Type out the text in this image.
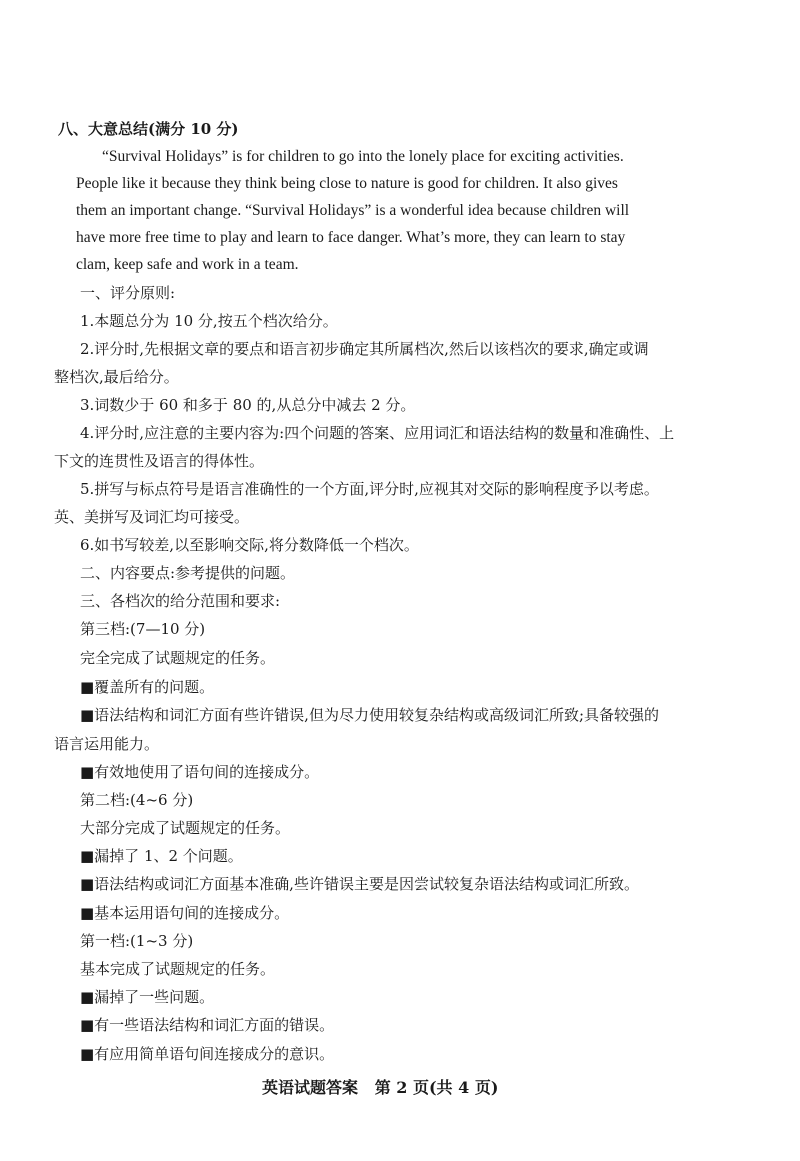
八、大意总结(满分 10 分)
“Survival Holidays” is for children to go into the lonely place for exciting activities.
People like it because they think being close to nature is good for children. It also gives
them an important change. “Survival Holidays” is a wonderful idea because children will
have more free time to play and learn to face danger. What’s more, they can learn to stay
clam, keep safe and work in a team.
一、评分原则:
1.本题总分为 10 分,按五个档次给分。
2.评分时,先根据文章的要点和语言初步确定其所属档次,然后以该档次的要求,确定或调
整档次,最后给分。
3.词数少于 60 和多于 80 的,从总分中减去 2 分。
4.评分时,应注意的主要内容为:四个问题的答案、应用词汇和语法结构的数量和准确性、上
下文的连贯性及语言的得体性。
5.拼写与标点符号是语言准确性的一个方面,评分时,应视其对交际的影响程度予以考虑。
英、美拼写及词汇均可接受。
6.如书写较差,以至影响交际,将分数降低一个档次。
二、内容要点:参考提供的问题。
三、各档次的给分范围和要求:
第三档:(7—10 分)
完全完成了试题规定的任务。
■覆盖所有的问题。
■语法结构和词汇方面有些许错误,但为尽力使用较复杂结构或高级词汇所致;具备较强的
语言运用能力。
■有效地使用了语句间的连接成分。
第二档:(4~6 分)
大部分完成了试题规定的任务。
■漏掉了 1、2 个问题。
■语法结构或词汇方面基本准确,些许错误主要是因尝试较复杂语法结构或词汇所致。
■基本运用语句间的连接成分。
第一档:(1~3 分)
基本完成了试题规定的任务。
■漏掉了一些问题。
■有一些语法结构和词汇方面的错误。
■有应用简单语句间连接成分的意识。
英语试题答案   第 2 页(共 4 页)
